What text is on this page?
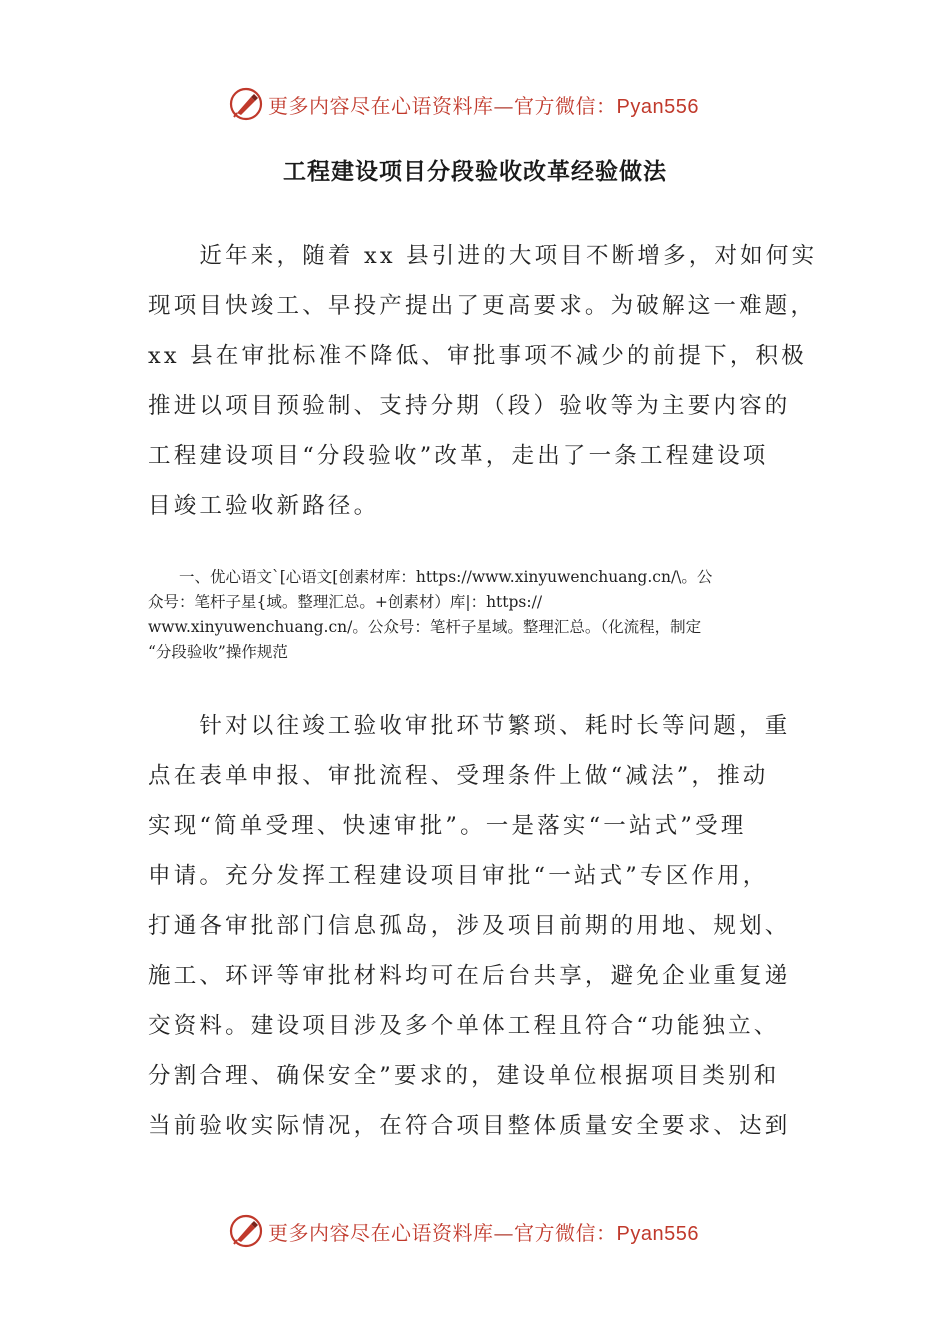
更多内容尽在心语资料库—官方微信：Pyan556
工程建设项目分段验收改革经验做法

　　近年来，随着 xx 县引进的大项目不断增多，对如何实
现项目快竣工、早投产提出了更高要求。为破解这一难题，
xx 县在审批标准不降低、审批事项不减少的前提下，积极
推进以项目预验制、支持分期（段）验收等为主要内容的
工程建设项目“分段验收”改革，走出了一条工程建设项
目竣工验收新路径。

　　一、优心语文`[心语文[创素材库：https://www.xinyuwenchuang.cn/\。公
众号：笔杆子星{域。整理汇总。+创素材）库|：https://
www.xinyuwenchuang.cn/。公众号：笔杆子星域。整理汇总。（化流程，制定
“分段验收”操作规范

　　针对以往竣工验收审批环节繁琐、耗时长等问题，重
点在表单申报、审批流程、受理条件上做“减法”，推动
实现“简单受理、快速审批”。一是落实“一站式”受理
申请。充分发挥工程建设项目审批“一站式”专区作用，
打通各审批部门信息孤岛，涉及项目前期的用地、规划、
施工、环评等审批材料均可在后台共享，避免企业重复递
交资料。建设项目涉及多个单体工程且符合“功能独立、
分割合理、确保安全”要求的，建设单位根据项目类别和
当前验收实际情况，在符合项目整体质量安全要求、达到

更多内容尽在心语资料库—官方微信：Pyan556
